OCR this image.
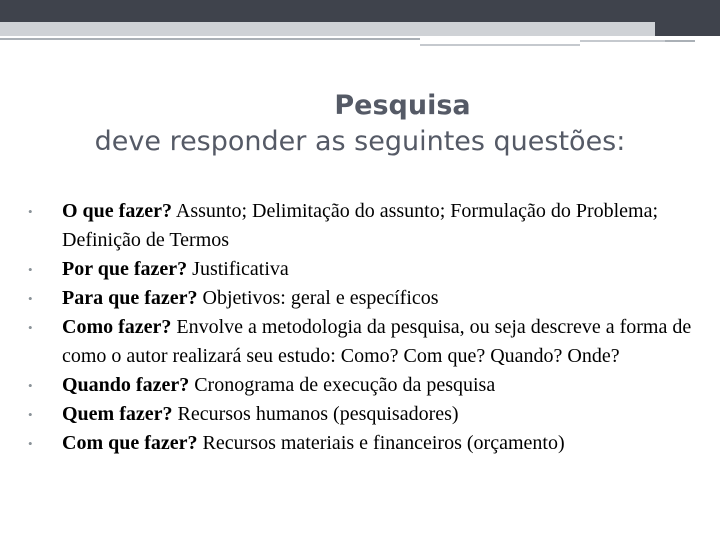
Pesquisa
deve responder as seguintes questões:
•	O que fazer? Assunto; Delimitação do assunto; Formulação do Problema; Definição de Termos
•	Por que fazer? Justificativa
•	Para que fazer? Objetivos: geral e específicos
•	Como fazer? Envolve a metodologia da pesquisa, ou seja descreve a forma de como o autor realizará seu estudo: Como? Com que? Quando? Onde?
•	Quando fazer? Cronograma de execução da pesquisa
•	Quem fazer? Recursos humanos (pesquisadores)
•	Com que fazer? Recursos materiais e financeiros (orçamento)
